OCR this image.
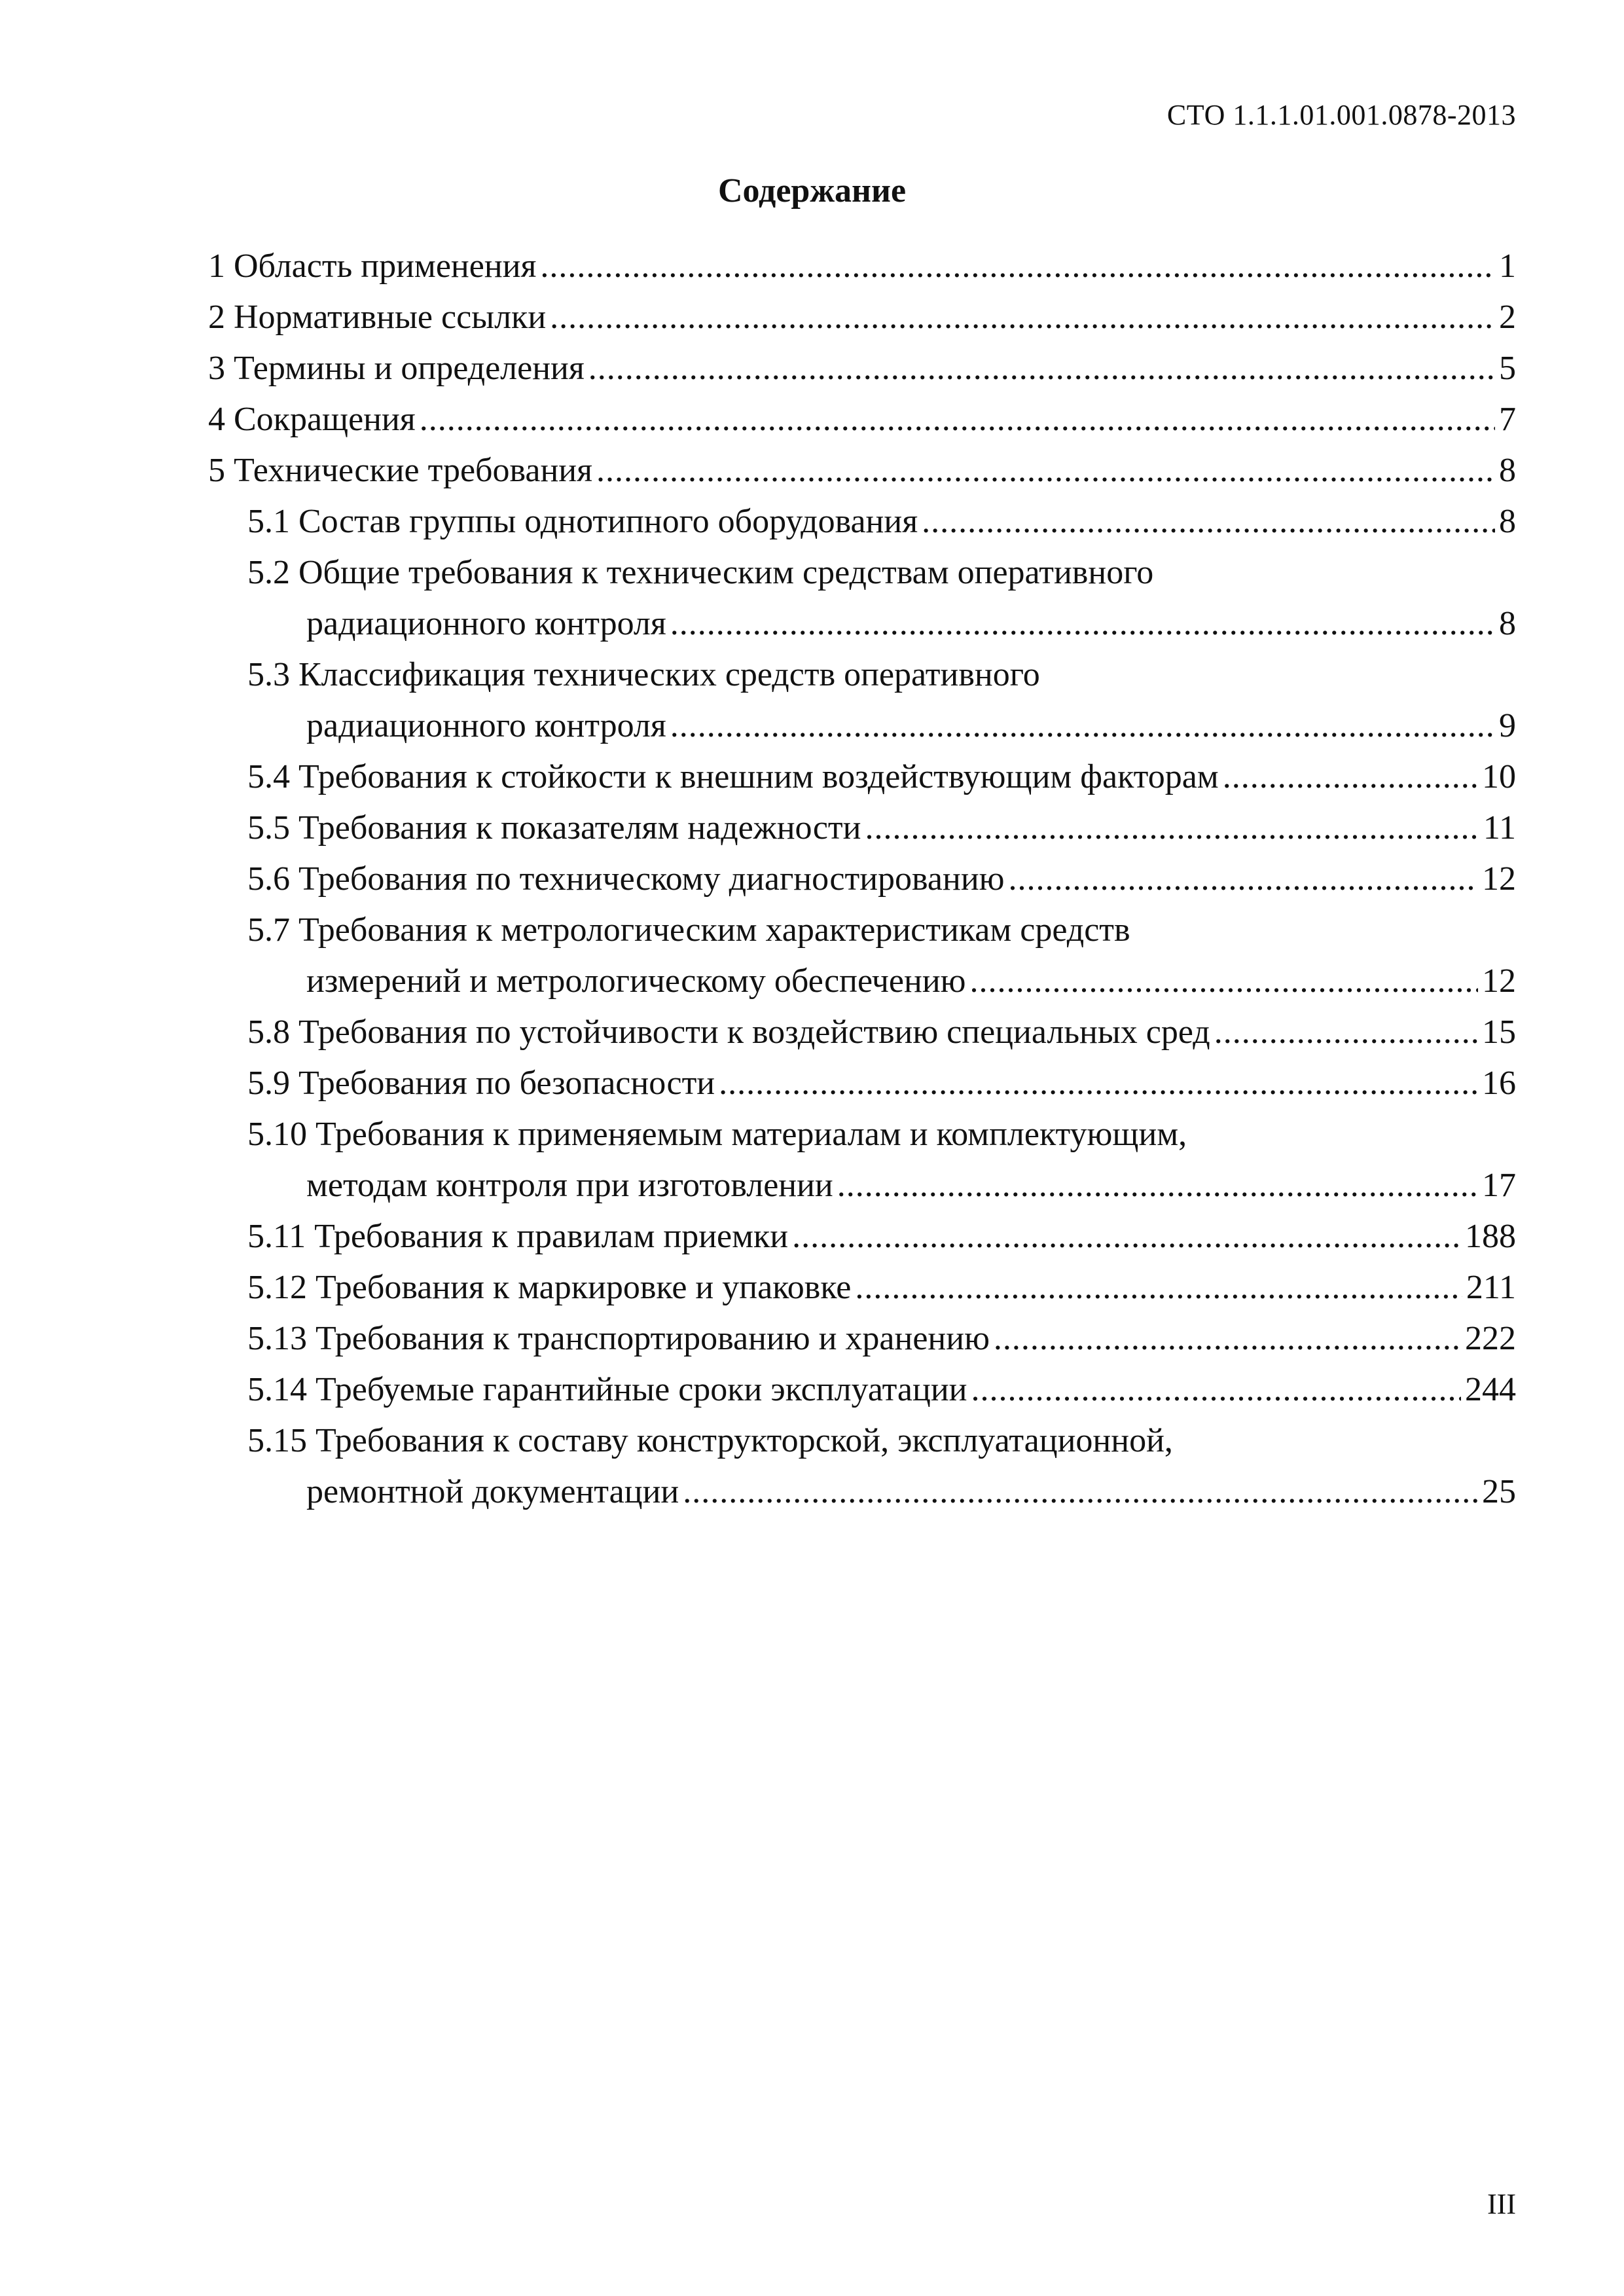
СТО 1.1.1.01.001.0878-2013
Содержание
1 Область применения . . .	1
2 Нормативные ссылки . . .	2
3 Термины и определения . . .	5
4 Сокращения . . .	7
5 Технические требования . . .	8
5.1 Состав группы однотипного оборудования . . .	8
5.2 Общие требования к техническим средствам оперативного
радиационного контроля . . .	8
5.3 Классификация технических средств оперативного
радиационного контроля . . .	9
5.4 Требования к стойкости к внешним воздействующим факторам . . .	10
5.5 Требования к показателям надежности . . .	11
5.6 Требования по техническому диагностированию . . .	12
5.7 Требования к метрологическим характеристикам средств
измерений и метрологическому обеспечению . . .	12
5.8 Требования по устойчивости к воздействию специальных сред . . .	15
5.9 Требования по безопасности . . .	16
5.10 Требования к применяемым материалам и комплектующим,
методам контроля при изготовлении . . .	17
5.11 Требования к правилам приемки . . .	188
5.12 Требования к маркировке и упаковке . . .	211
5.13 Требования к транспортированию и хранению . . .	222
5.14 Требуемые гарантийные сроки эксплуатации . . .	244
5.15 Требования к составу конструкторской, эксплуатационной,
ремонтной документации . . .	25
III
